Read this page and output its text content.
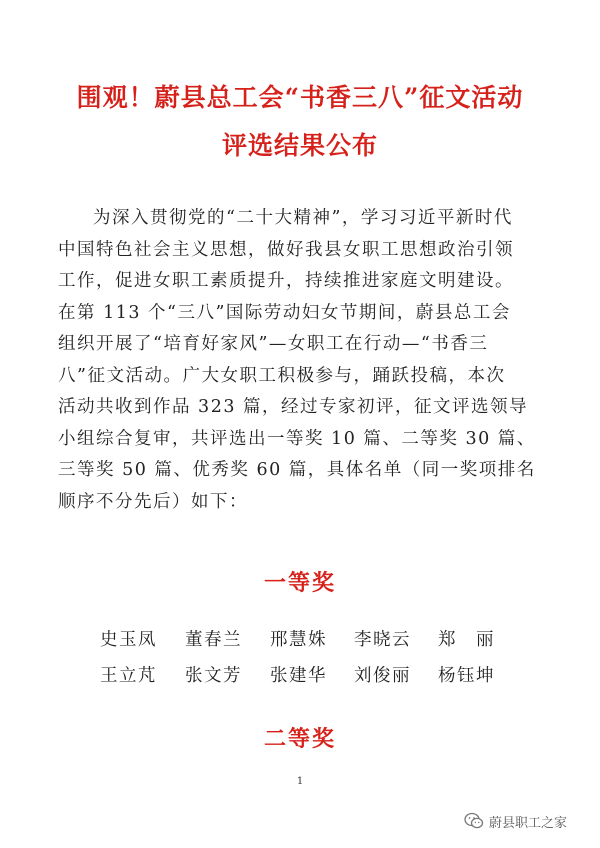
围观！蔚县总工会“书香三八”征文活动
评选结果公布
为深入贯彻党的“二十大精神”，学习习近平新时代
中国特色社会主义思想，做好我县女职工思想政治引领
工作，促进女职工素质提升，持续推进家庭文明建设。
在第 113 个“三八”国际劳动妇女节期间，蔚县总工会
组织开展了“培育好家风”—女职工在行动—“书香三
八”征文活动。广大女职工积极参与，踊跃投稿，本次
活动共收到作品 323 篇，经过专家初评，征文评选领导
小组综合复审，共评选出一等奖 10 篇、二等奖 30 篇、
三等奖 50 篇、优秀奖 60 篇，具体名单（同一奖项排名
顺序不分先后）如下：
一等奖
史玉凤 董春兰 邢慧姝 李晓云 郑　丽
王立芃 张文芳 张建华 刘俊丽 杨钰坤
二等奖
1
蔚县职工之家
